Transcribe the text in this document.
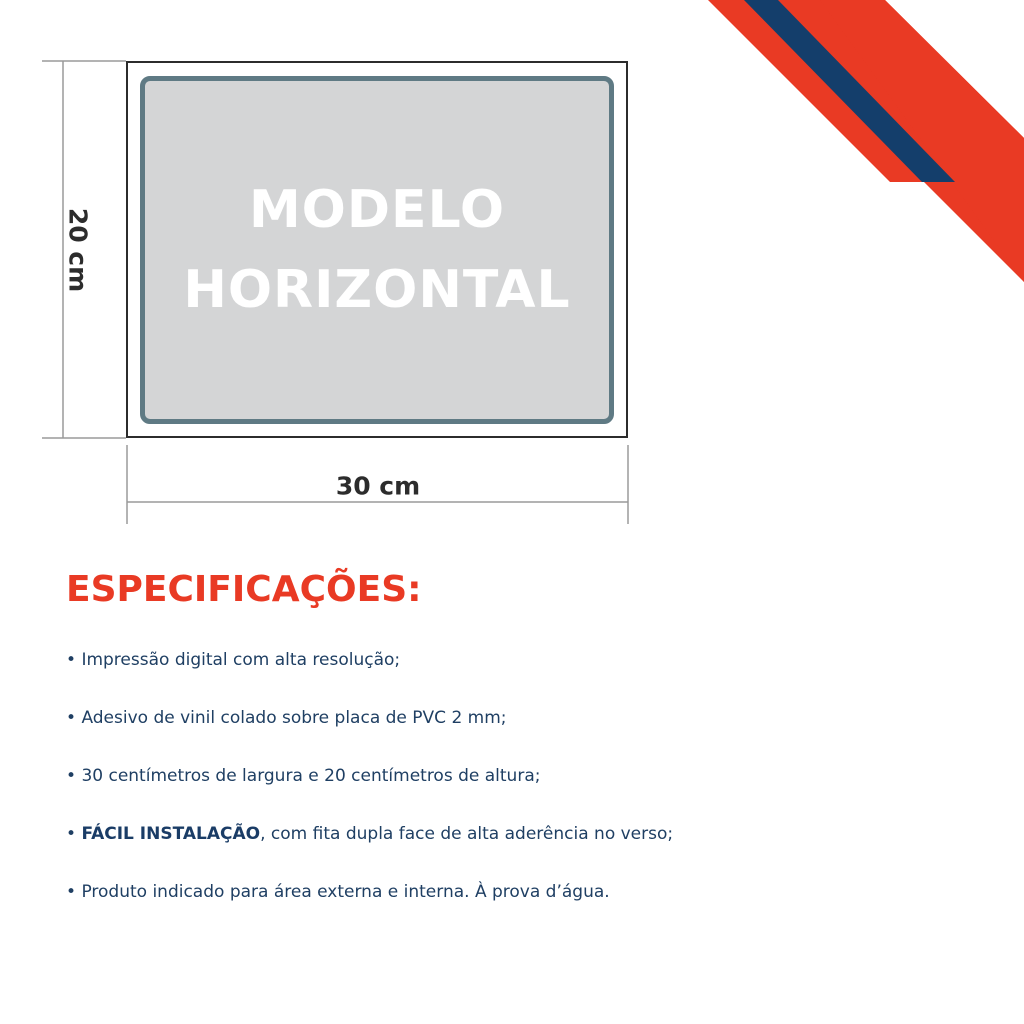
MODELO
HORIZONTAL
20 cm
30 cm
ESPECIFICAÇÕES:
• Impressão digital com alta resolução;
• Adesivo de vinil colado sobre placa de PVC 2 mm;
• 30 centímetros de largura e 20 centímetros de altura;
• FÁCIL INSTALAÇÃO, com fita dupla face de alta aderência no verso;
• Produto indicado para área externa e interna. À prova d’água.
